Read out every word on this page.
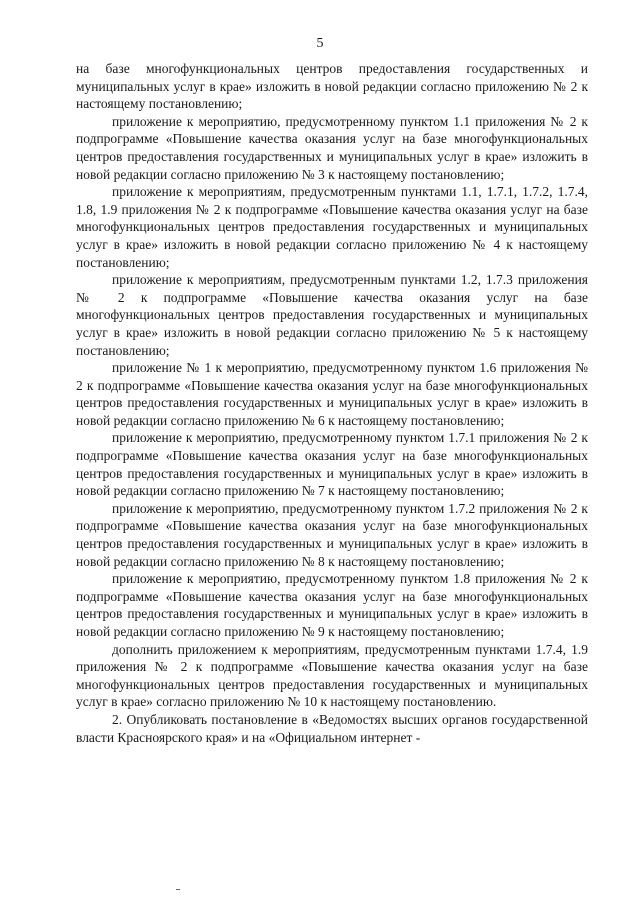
5

на базе многофункциональных центров предоставления государственных и муниципальных услуг в крае» изложить в новой редакции согласно приложению № 2 к настоящему постановлению;

приложение к мероприятию, предусмотренному пунктом 1.1 приложения № 2 к подпрограмме «Повышение качества оказания услуг на базе многофункциональных центров предоставления государственных и муниципальных услуг в крае» изложить в новой редакции согласно приложению № 3 к настоящему постановлению;

приложение к мероприятиям, предусмотренным пунктами 1.1, 1.7.1, 1.7.2, 1.7.4, 1.8, 1.9 приложения № 2 к подпрограмме «Повышение качества оказания услуг на базе многофункциональных центров предоставления государственных и муниципальных услуг в крае» изложить в новой редакции согласно приложению № 4 к настоящему постановлению;

приложение к мероприятиям, предусмотренным пунктами 1.2, 1.7.3 приложения № 2 к подпрограмме «Повышение качества оказания услуг на базе многофункциональных центров предоставления государственных и муниципальных услуг в крае» изложить в новой редакции согласно приложению № 5 к настоящему постановлению;

приложение № 1 к мероприятию, предусмотренному пунктом 1.6 приложения № 2 к подпрограмме «Повышение качества оказания услуг на базе многофункциональных центров предоставления государственных и муниципальных услуг в крае» изложить в новой редакции согласно приложению № 6 к настоящему постановлению;

приложение к мероприятию, предусмотренному пунктом 1.7.1 приложения № 2 к подпрограмме «Повышение качества оказания услуг на базе многофункциональных центров предоставления государственных и муниципальных услуг в крае» изложить в новой редакции согласно приложению № 7 к настоящему постановлению;

приложение к мероприятию, предусмотренному пунктом 1.7.2 приложения № 2 к подпрограмме «Повышение качества оказания услуг на базе многофункциональных центров предоставления государственных и муниципальных услуг в крае» изложить в новой редакции согласно приложению № 8 к настоящему постановлению;

приложение к мероприятию, предусмотренному пунктом 1.8 приложения № 2 к подпрограмме «Повышение качества оказания услуг на базе многофункциональных центров предоставления государственных и муниципальных услуг в крае» изложить в новой редакции согласно приложению № 9 к настоящему постановлению;

дополнить приложением к мероприятиям, предусмотренным пунктами 1.7.4, 1.9 приложения № 2 к подпрограмме «Повышение качества оказания услуг на базе многофункциональных центров предоставления государственных и муниципальных услуг в крае» согласно приложению № 10 к настоящему постановлению.

2. Опубликовать постановление в «Ведомостях высших органов государственной власти Красноярского края» и на «Официальном интернет -
